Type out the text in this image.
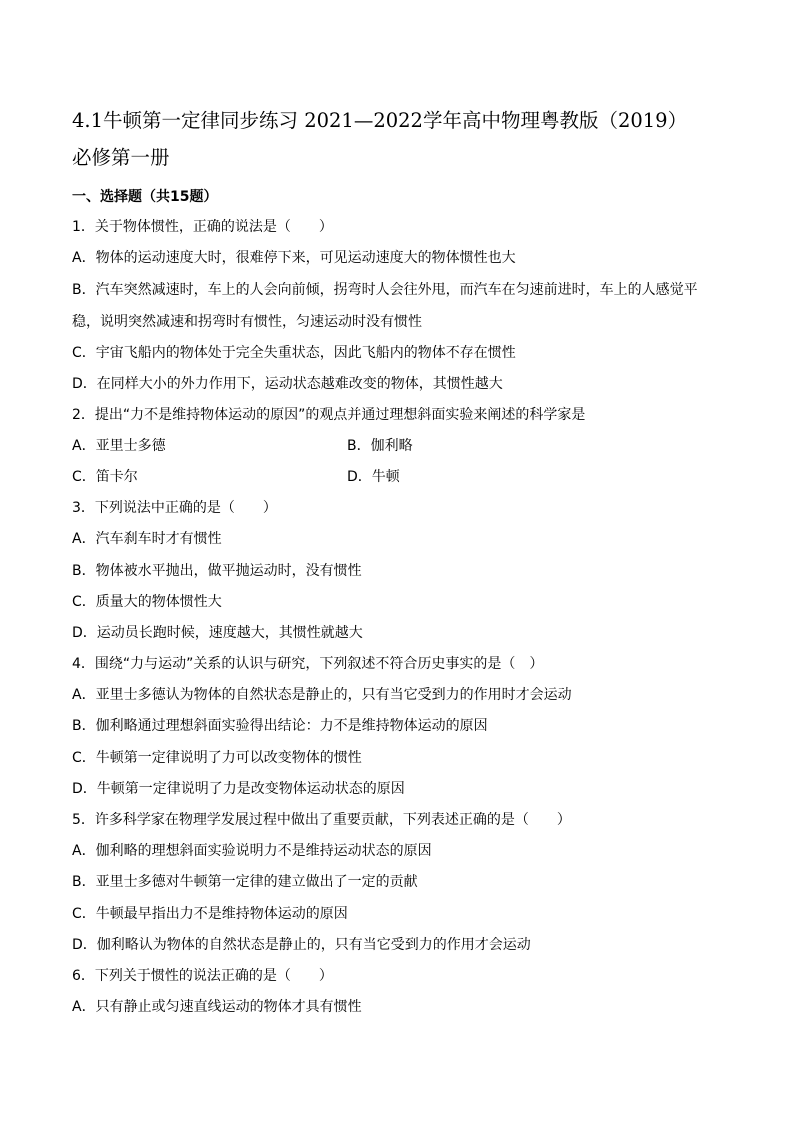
4.1牛顿第一定律同步练习 2021—2022学年高中物理粤教版（2019）
必修第一册
一、选择题（共15题）
1．关于物体惯性，正确的说法是（　　）
A．物体的运动速度大时，很难停下来，可见运动速度大的物体惯性也大
B．汽车突然减速时，车上的人会向前倾，拐弯时人会往外甩，而汽车在匀速前进时，车上的人感觉平
稳，说明突然减速和拐弯时有惯性，匀速运动时没有惯性
C．宇宙飞船内的物体处于完全失重状态，因此飞船内的物体不存在惯性
D．在同样大小的外力作用下，运动状态越难改变的物体，其惯性越大
2．提出“力不是维持物体运动的原因”的观点并通过理想斜面实验来阐述的科学家是
A．亚里士多德	B．伽利略
C．笛卡尔	D．牛顿
3．下列说法中正确的是（　　）
A．汽车刹车时才有惯性
B．物体被水平抛出，做平抛运动时，没有惯性
C．质量大的物体惯性大
D．运动员长跑时候，速度越大，其惯性就越大
4．围绕“力与运动”关系的认识与研究，下列叙述不符合历史事实的是（　）
A．亚里士多德认为物体的自然状态是静止的，只有当它受到力的作用时才会运动
B．伽利略通过理想斜面实验得出结论：力不是维持物体运动的原因
C．牛顿第一定律说明了力可以改变物体的惯性
D．牛顿第一定律说明了力是改变物体运动状态的原因
5．许多科学家在物理学发展过程中做出了重要贡献，下列表述正确的是（　　）
A．伽利略的理想斜面实验说明力不是维持运动状态的原因
B．亚里士多德对牛顿第一定律的建立做出了一定的贡献
C．牛顿最早指出力不是维持物体运动的原因
D．伽利略认为物体的自然状态是静止的，只有当它受到力的作用才会运动
6．下列关于惯性的说法正确的是（　　）
A．只有静止或匀速直线运动的物体才具有惯性
